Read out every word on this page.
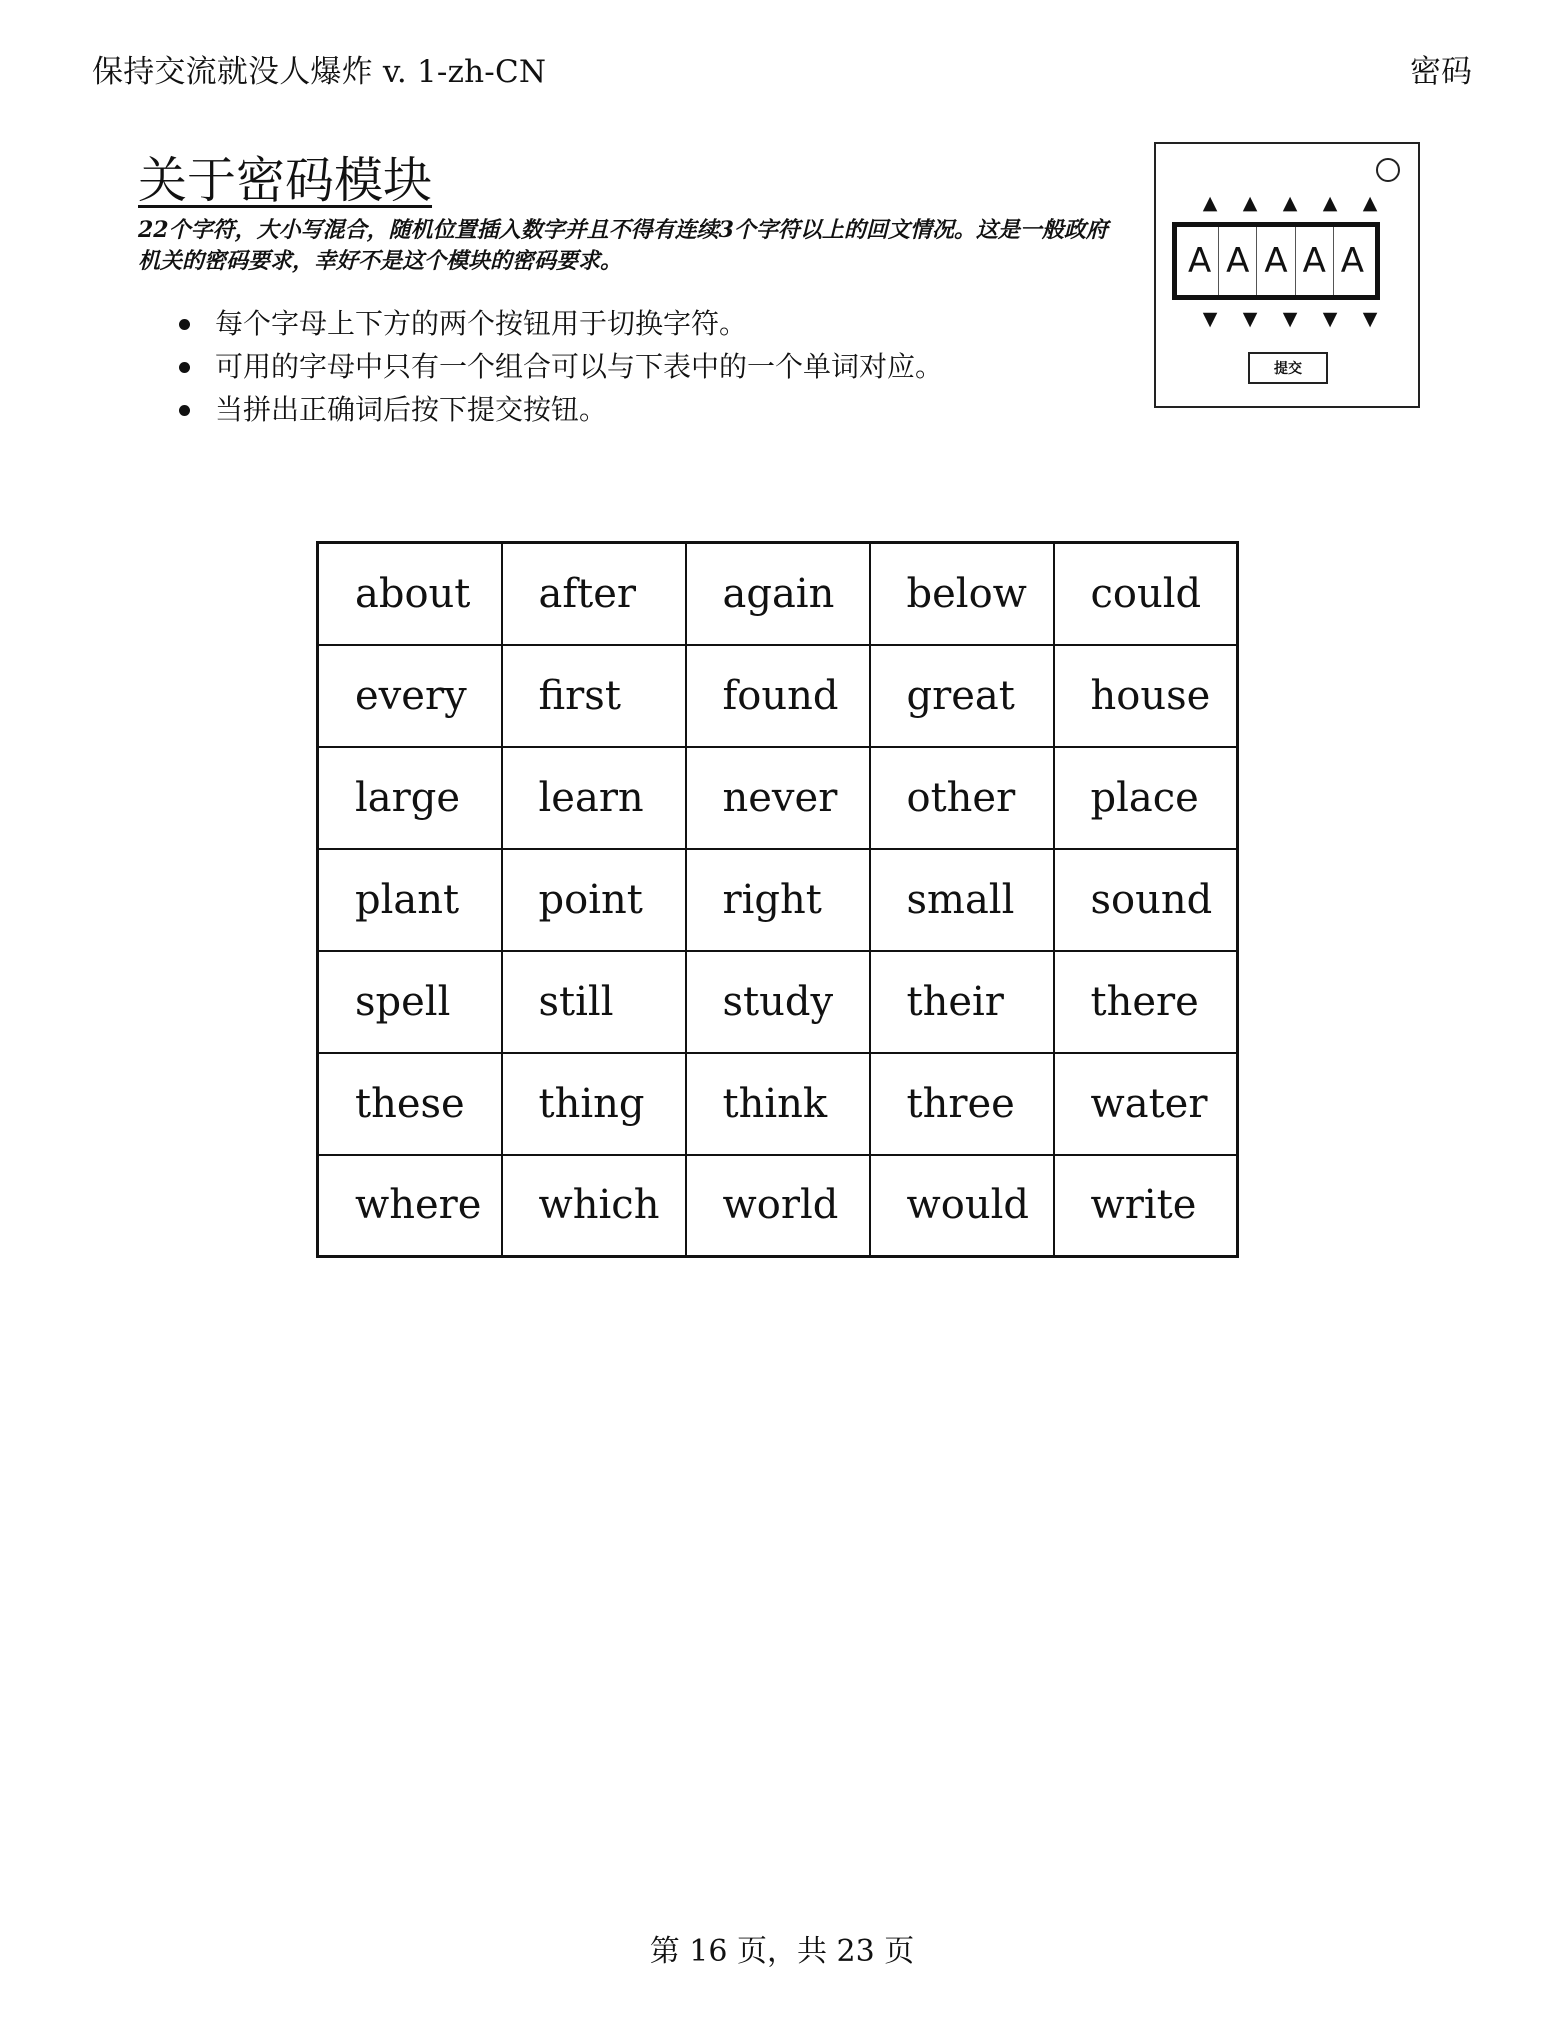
保持交流就没人爆炸 v. 1-zh-CN	密码
关于密码模块
22个字符，大小写混合，随机位置插入数字并且不得有连续3个字符以上的回文情况。这是一般政府机关的密码要求，幸好不是这个模块的密码要求。
每个字母上下方的两个按钮用于切换字符。
可用的字母中只有一个组合可以与下表中的一个单词对应。
当拼出正确词后按下提交按钮。
▲	▲	▲	▲	▲
A A A A A
▼	▼	▼	▼	▼
提交
about	after	again	below	could
every	first	found	great	house
large	learn	never	other	place
plant	point	right	small	sound
spell	still	study	their	there
these	thing	think	three	water
where	which	world	would	write
第 16 页，共 23 页
